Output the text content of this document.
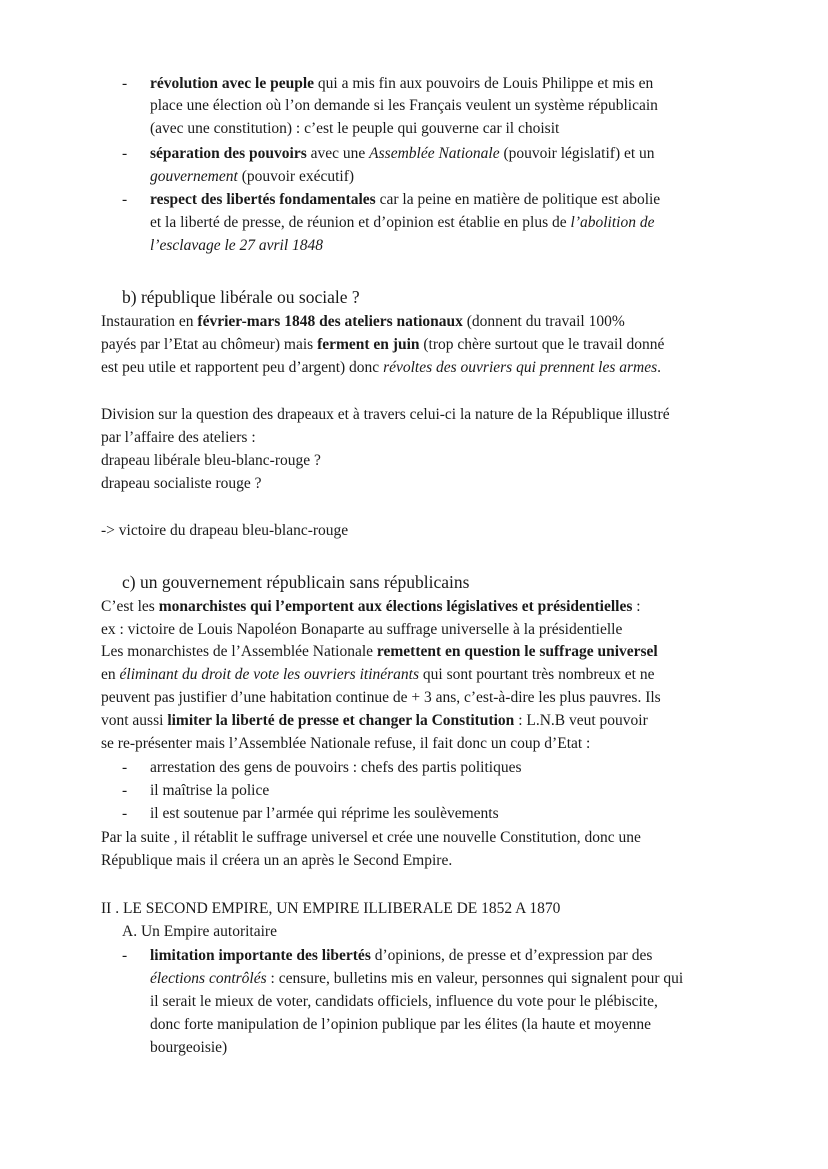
- révolution avec le peuple qui a mis fin aux pouvoirs de Louis Philippe et mis en
place une élection où l’on demande si les Français veulent un système républicain
(avec une constitution) : c’est le peuple qui gouverne car il choisit
- séparation des pouvoirs avec une Assemblée Nationale (pouvoir législatif) et un
gouvernement (pouvoir exécutif)
- respect des libertés fondamentales car la peine en matière de politique est abolie
et la liberté de presse, de réunion et d’opinion est établie en plus de l’abolition de
l’esclavage le 27 avril 1848
b) république libérale ou sociale ?
Instauration en février-mars 1848 des ateliers nationaux (donnent du travail 100%
payés par l’Etat au chômeur) mais ferment en juin (trop chère surtout que le travail donné
est peu utile et rapportent peu d’argent) donc révoltes des ouvriers qui prennent les armes.
Division sur la question des drapeaux et à travers celui-ci la nature de la République illustré
par l’affaire des ateliers :
drapeau libérale bleu-blanc-rouge ?
drapeau socialiste rouge ?
-> victoire du drapeau bleu-blanc-rouge
c) un gouvernement républicain sans républicains
C’est les monarchistes qui l’emportent aux élections législatives et présidentielles :
ex : victoire de Louis Napoléon Bonaparte au suffrage universelle à la présidentielle
Les monarchistes de l’Assemblée Nationale remettent en question le suffrage universel
en éliminant du droit de vote les ouvriers itinérants qui sont pourtant très nombreux et ne
peuvent pas justifier d’une habitation continue de + 3 ans, c’est-à-dire les plus pauvres. Ils
vont aussi limiter la liberté de presse et changer la Constitution : L.N.B veut pouvoir
se re-présenter mais l’Assemblée Nationale refuse, il fait donc un coup d’Etat :
- arrestation des gens de pouvoirs : chefs des partis politiques
- il maîtrise la police
- il est soutenue par l’armée qui réprime les soulèvements
Par la suite , il rétablit le suffrage universel et crée une nouvelle Constitution, donc une
République mais il créera un an après le Second Empire.
II . LE SECOND EMPIRE, UN EMPIRE ILLIBERALE DE 1852 A 1870
A. Un Empire autoritaire
- limitation importante des libertés d’opinions, de presse et d’expression par des
élections contrôlés : censure, bulletins mis en valeur, personnes qui signalent pour qui
il serait le mieux de voter, candidats officiels, influence du vote pour le plébiscite,
donc forte manipulation de l’opinion publique par les élites (la haute et moyenne
bourgeoisie)
